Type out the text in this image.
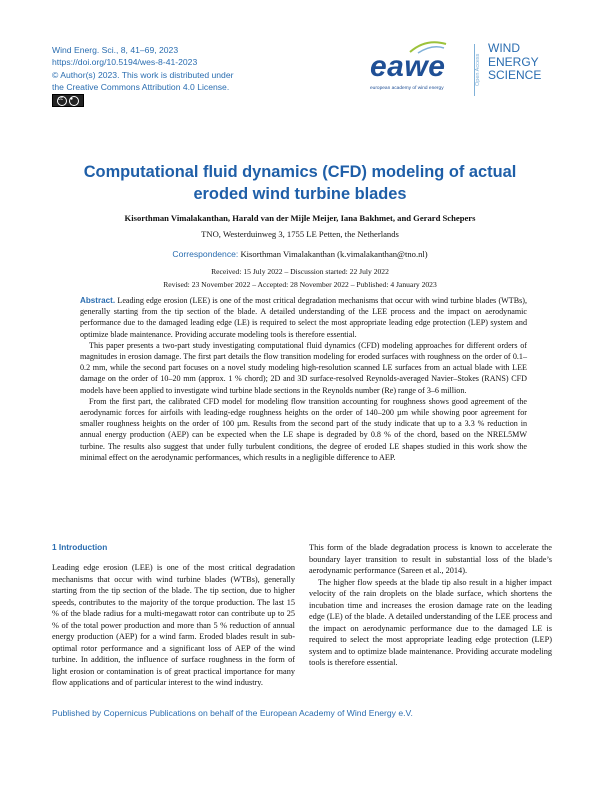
Wind Energ. Sci., 8, 41–69, 2023
https://doi.org/10.5194/wes-8-41-2023
© Author(s) 2023. This work is distributed under
the Creative Commons Attribution 4.0 License.
cc	●
eawe
european academy of wind energy
Open Access
WIND
ENERGY
SCIENCE
Computational fluid dynamics (CFD) modeling of actual
eroded wind turbine blades
Kisorthman Vimalakanthan, Harald van der Mijle Meijer, Iana Bakhmet, and Gerard Schepers
TNO, Westerduinweg 3, 1755 LE Petten, the Netherlands
Correspondence: Kisorthman Vimalakanthan (k.vimalakanthan@tno.nl)
Received: 15 July 2022 – Discussion started: 22 July 2022
Revised: 23 November 2022 – Accepted: 28 November 2022 – Published: 4 January 2023

Abstract. Leading edge erosion (LEE) is one of the most critical degradation mechanisms that occur with wind turbine blades (WTBs), generally starting from the tip section of the blade. A detailed understanding of the LEE process and the impact on aerodynamic performance due to the damaged leading edge (LE) is required to select the most appropriate leading edge protection (LEP) system and optimize blade maintenance. Providing accurate modeling tools is therefore essential.

This paper presents a two-part study investigating computational fluid dynamics (CFD) modeling approaches for different orders of magnitudes in erosion damage. The first part details the flow transition modeling for eroded surfaces with roughness on the order of 0.1–0.2 mm, while the second part focuses on a novel study modeling high-resolution scanned LE surfaces from an actual blade with LEE damage on the order of 10–20 mm (approx. 1 % chord); 2D and 3D surface-resolved Reynolds-averaged Navier–Stokes (RANS) CFD models have been applied to investigate wind turbine blade sections in the Reynolds number (Re) range of 3–6 million.

From the first part, the calibrated CFD model for modeling flow transition accounting for roughness shows good agreement of the aerodynamic forces for airfoils with leading-edge roughness heights on the order of 140–200 µm while showing poor agreement for smaller roughness heights on the order of 100 µm. Results from the second part of the study indicate that up to a 3.3 % reduction in annual energy production (AEP) can be expected when the LE shape is degraded by 0.8 % of the chord, based on the NREL5MW turbine. The results also suggest that under fully turbulent conditions, the degree of eroded LE shapes studied in this work show the minimal effect on the aerodynamic performances, which results in a negligible difference to AEP.

1 Introduction

Leading edge erosion (LEE) is one of the most critical degradation mechanisms that occur with wind turbine blades (WTBs), generally starting from the tip section of the blade. The tip section, due to higher speeds, contributes to the majority of the torque production. The last 15 % of the blade radius for a multi-megawatt rotor can contribute up to 25 % of the total power production and more than 5 % reduction of annual energy production (AEP) for a wind farm. Eroded blades result in sub-optimal rotor performance and a significant loss of AEP of the wind turbine. In addition, the influence of surface roughness in the form of light erosion or contamination is of great practical importance for many flow applications and of particular interest to the wind industry.

This form of the blade degradation process is known to accelerate the boundary layer transition to result in substantial loss of the blade’s aerodynamic performance (Sareen et al., 2014).

The higher flow speeds at the blade tip also result in a higher impact velocity of the rain droplets on the blade surface, which shortens the incubation time and increases the erosion damage rate on the leading edge (LE) of the blade. A detailed understanding of the LEE process and the impact on aerodynamic performance due to the damaged LE is required to select the most appropriate leading edge protection (LEP) system and to optimize blade maintenance. Providing accurate modeling tools is therefore essential.

Published by Copernicus Publications on behalf of the European Academy of Wind Energy e.V.
